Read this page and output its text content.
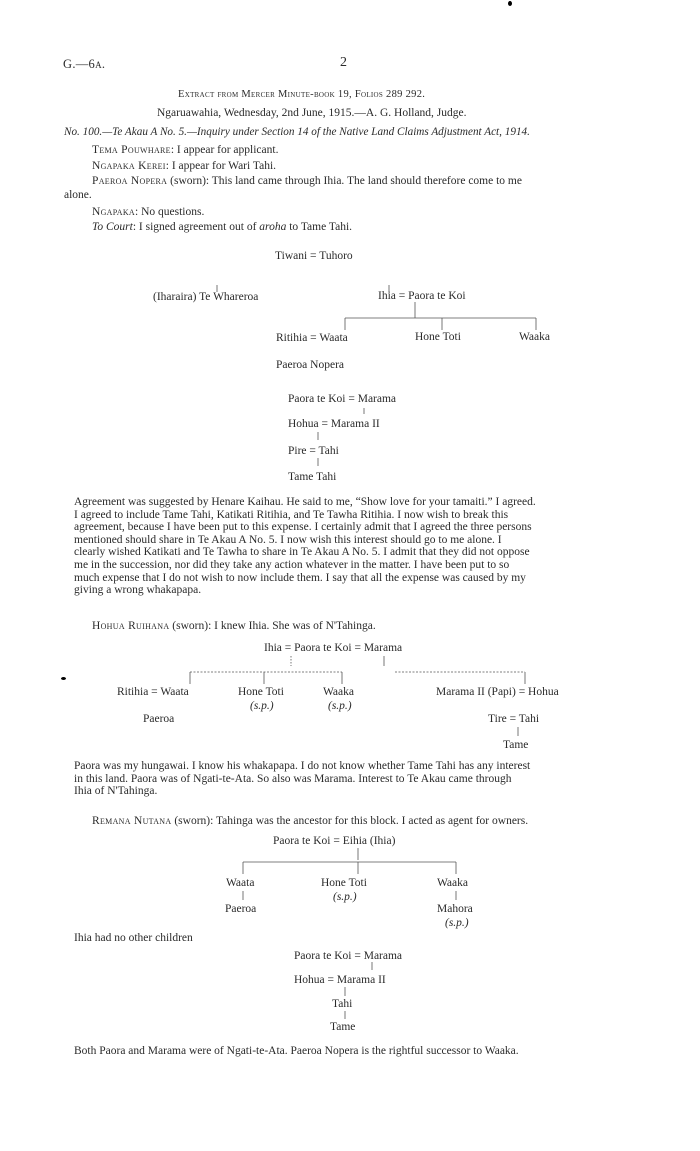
G.—6a.	2
Extract from Mercer Minute-book 19, Folios 289 292.
Ngaruawahia, Wednesday, 2nd June, 1915.—A. G. Holland, Judge.
No. 100.—Te Akau A No. 5.—Inquiry under Section 14 of the Native Land Claims Adjustment Act, 1914.
Tema Pouwhare: I appear for applicant.
Ngapaka Kerei: I appear for Wari Tahi.
Paeroa Nopera (sworn): This land came through Ihia. The land should therefore come to me
alone.
Ngapaka: No questions.
To Court: I signed agreement out of aroha to Tame Tahi.
Tiwani = Tuhoro
(Iharaira) Te Whareroa	Ihia = Paora te Koi
Ritihia = Waata	Hone Toti	Waaka
Paeroa Nopera
Paora te Koi = Marama
Hohua = Marama II
Pire = Tahi
Tame Tahi
Agreement was suggested by Henare Kaihau. He said to me, “Show love for your tamaiti.” I agreed.
I agreed to include Tame Tahi, Katikati Ritihia, and Te Tawha Ritihia. I now wish to break this
agreement, because I have been put to this expense. I certainly admit that I agreed the three persons
mentioned should share in Te Akau A No. 5. I now wish this interest should go to me alone. I
clearly wished Katikati and Te Tawha to share in Te Akau A No. 5. I admit that they did not oppose
me in the succession, nor did they take any action whatever in the matter. I have been put to so
much expense that I do not wish to now include them. I say that all the expense was caused by my
giving a wrong whakapapa.
Hohua Ruihana (sworn): I knew Ihia. She was of N'Tahinga.
Ihia = Paora te Koi = Marama
Ritihia = Waata	Hone Toti
(s.p.)
Waaka
(s.p.)
Marama II (Papi) = Hohua
Paeroa	Tire = Tahi
Tame
Paora was my hungawai. I know his whakapapa. I do not know whether Tame Tahi has any interest
in this land. Paora was of Ngati-te-Ata. So also was Marama. Interest to Te Akau came through
Ihia of N'Tahinga.
Remana Nutana (sworn): Tahinga was the ancestor for this block. I acted as agent for owners.
Paora te Koi = Eihia (Ihia)
Waata	Hone Toti
(s.p.)
Waaka
Paeroa	Mahora
(s.p.)
Ihia had no other children
Paora te Koi = Marama
Hohua = Marama II
Tahi
Tame
Both Paora and Marama were of Ngati-te-Ata. Paeroa Nopera is the rightful successor to Waaka.
